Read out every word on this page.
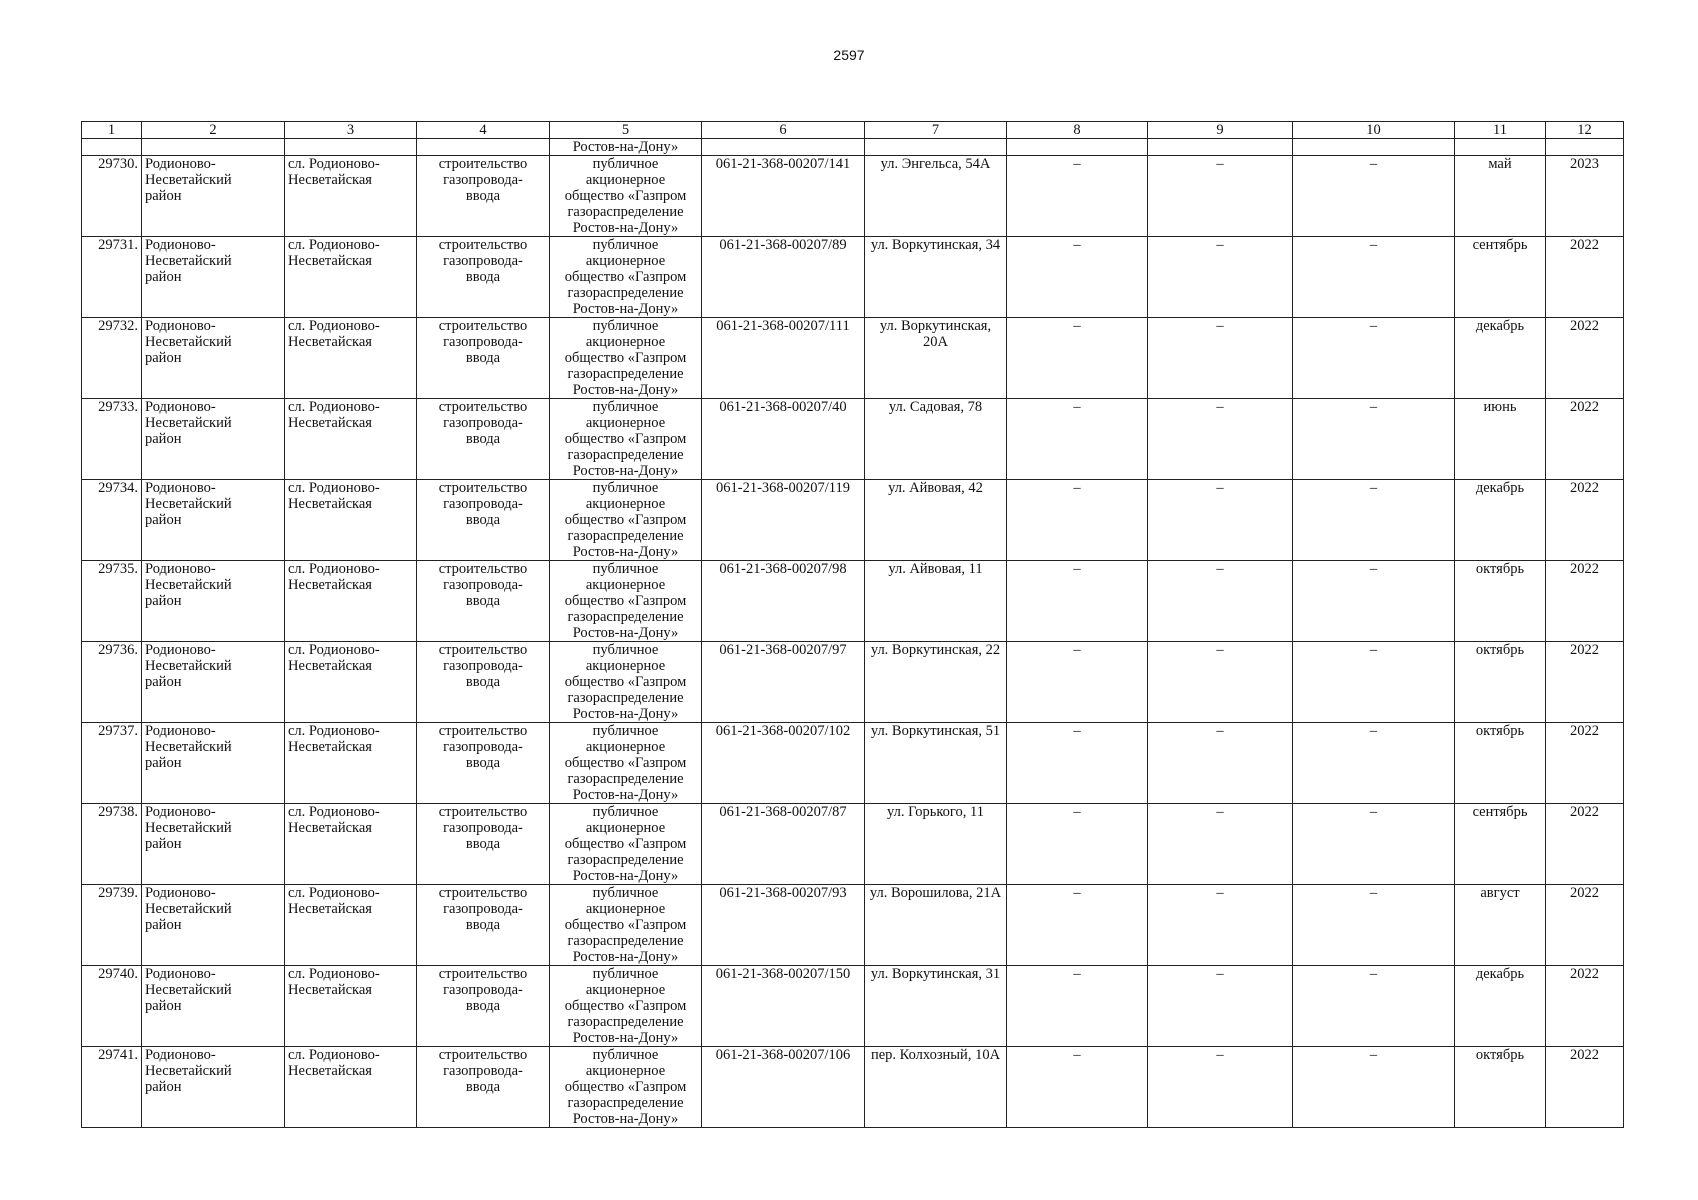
2597
1	2	3	4	5	6	7	8	9	10	11	12
				Ростов-на-Дону»							
29730.	Родионово-
Несветайский
район	сл. Родионово-
Несветайская	строительство
газопровода-
ввода	публичное
акционерное
общество «Газпром
газораспределение
Ростов-на-Дону»	061-21-368-00207/141	ул. Энгельса, 54А	–	–	–	май	2023
29731.	Родионово-
Несветайский
район	сл. Родионово-
Несветайская	строительство
газопровода-
ввода	публичное
акционерное
общество «Газпром
газораспределение
Ростов-на-Дону»	061-21-368-00207/89	ул. Воркутинская, 34	–	–	–	сентябрь	2022
29732.	Родионово-
Несветайский
район	сл. Родионово-
Несветайская	строительство
газопровода-
ввода	публичное
акционерное
общество «Газпром
газораспределение
Ростов-на-Дону»	061-21-368-00207/111	ул. Воркутинская,
20А	–	–	–	декабрь	2022
29733.	Родионово-
Несветайский
район	сл. Родионово-
Несветайская	строительство
газопровода-
ввода	публичное
акционерное
общество «Газпром
газораспределение
Ростов-на-Дону»	061-21-368-00207/40	ул. Садовая, 78	–	–	–	июнь	2022
29734.	Родионово-
Несветайский
район	сл. Родионово-
Несветайская	строительство
газопровода-
ввода	публичное
акционерное
общество «Газпром
газораспределение
Ростов-на-Дону»	061-21-368-00207/119	ул. Айвовая, 42	–	–	–	декабрь	2022
29735.	Родионово-
Несветайский
район	сл. Родионово-
Несветайская	строительство
газопровода-
ввода	публичное
акционерное
общество «Газпром
газораспределение
Ростов-на-Дону»	061-21-368-00207/98	ул. Айвовая, 11	–	–	–	октябрь	2022
29736.	Родионово-
Несветайский
район	сл. Родионово-
Несветайская	строительство
газопровода-
ввода	публичное
акционерное
общество «Газпром
газораспределение
Ростов-на-Дону»	061-21-368-00207/97	ул. Воркутинская, 22	–	–	–	октябрь	2022
29737.	Родионово-
Несветайский
район	сл. Родионово-
Несветайская	строительство
газопровода-
ввода	публичное
акционерное
общество «Газпром
газораспределение
Ростов-на-Дону»	061-21-368-00207/102	ул. Воркутинская, 51	–	–	–	октябрь	2022
29738.	Родионово-
Несветайский
район	сл. Родионово-
Несветайская	строительство
газопровода-
ввода	публичное
акционерное
общество «Газпром
газораспределение
Ростов-на-Дону»	061-21-368-00207/87	ул. Горького, 11	–	–	–	сентябрь	2022
29739.	Родионово-
Несветайский
район	сл. Родионово-
Несветайская	строительство
газопровода-
ввода	публичное
акционерное
общество «Газпром
газораспределение
Ростов-на-Дону»	061-21-368-00207/93	ул. Ворошилова, 21А	–	–	–	август	2022
29740.	Родионово-
Несветайский
район	сл. Родионово-
Несветайская	строительство
газопровода-
ввода	публичное
акционерное
общество «Газпром
газораспределение
Ростов-на-Дону»	061-21-368-00207/150	ул. Воркутинская, 31	–	–	–	декабрь	2022
29741.	Родионово-
Несветайский
район	сл. Родионово-
Несветайская	строительство
газопровода-
ввода	публичное
акционерное
общество «Газпром
газораспределение
Ростов-на-Дону»	061-21-368-00207/106	пер. Колхозный, 10А	–	–	–	октябрь	2022
